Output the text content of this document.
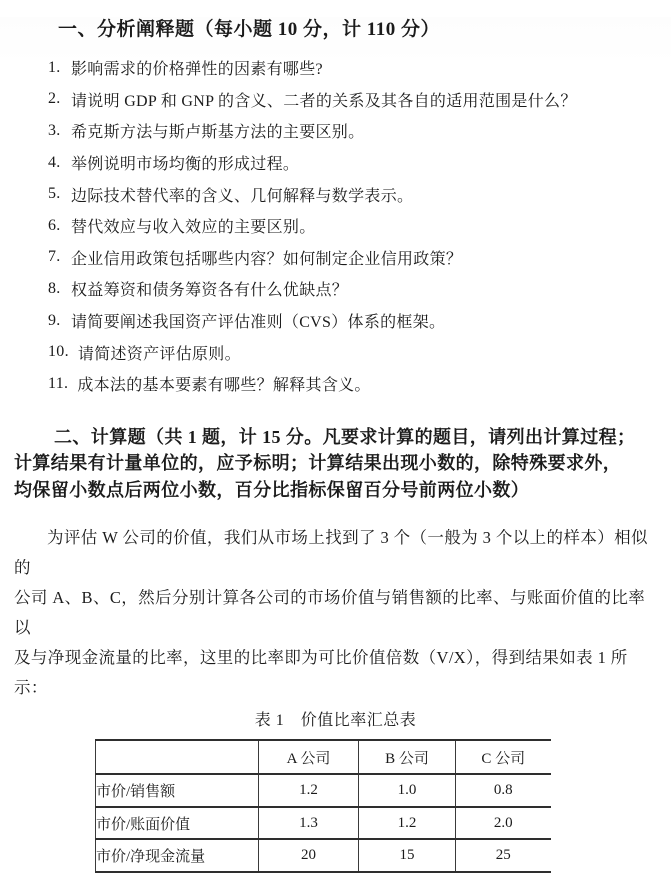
一、分析阐释题（每小题 10 分，计 110 分）
1. 影响需求的价格弹性的因素有哪些?
2. 请说明 GDP 和 GNP 的含义、二者的关系及其各自的适用范围是什么？
3. 希克斯方法与斯卢斯基方法的主要区别。
4. 举例说明市场均衡的形成过程。
5. 边际技术替代率的含义、几何解释与数学表示。
6. 替代效应与收入效应的主要区别。
7. 企业信用政策包括哪些内容？如何制定企业信用政策？
8. 权益筹资和债务筹资各有什么优缺点？
9. 请简要阐述我国资产评估准则（CVS）体系的框架。
10. 请简述资产评估原则。
11. 成本法的基本要素有哪些？解释其含义。
二、计算题（共 1 题，计 15 分。凡要求计算的题目，请列出计算过程；
计算结果有计量单位的，应予标明；计算结果出现小数的，除特殊要求外，
均保留小数点后两位小数，百分比指标保留百分号前两位小数）
为评估 W 公司的价值，我们从市场上找到了 3 个（一般为 3 个以上的样本）相似的
公司 A、B、C，然后分别计算各公司的市场价值与销售额的比率、与账面价值的比率以
及与净现金流量的比率，这里的比率即为可比价值倍数（V/X），得到结果如表 1 所示：
表 1　价值比率汇总表
	A 公司	B 公司	C 公司
市价/销售额	1.2	1.0	0.8
市价/账面价值	1.3	1.2	2.0
市价/净现金流量	20	15	25
